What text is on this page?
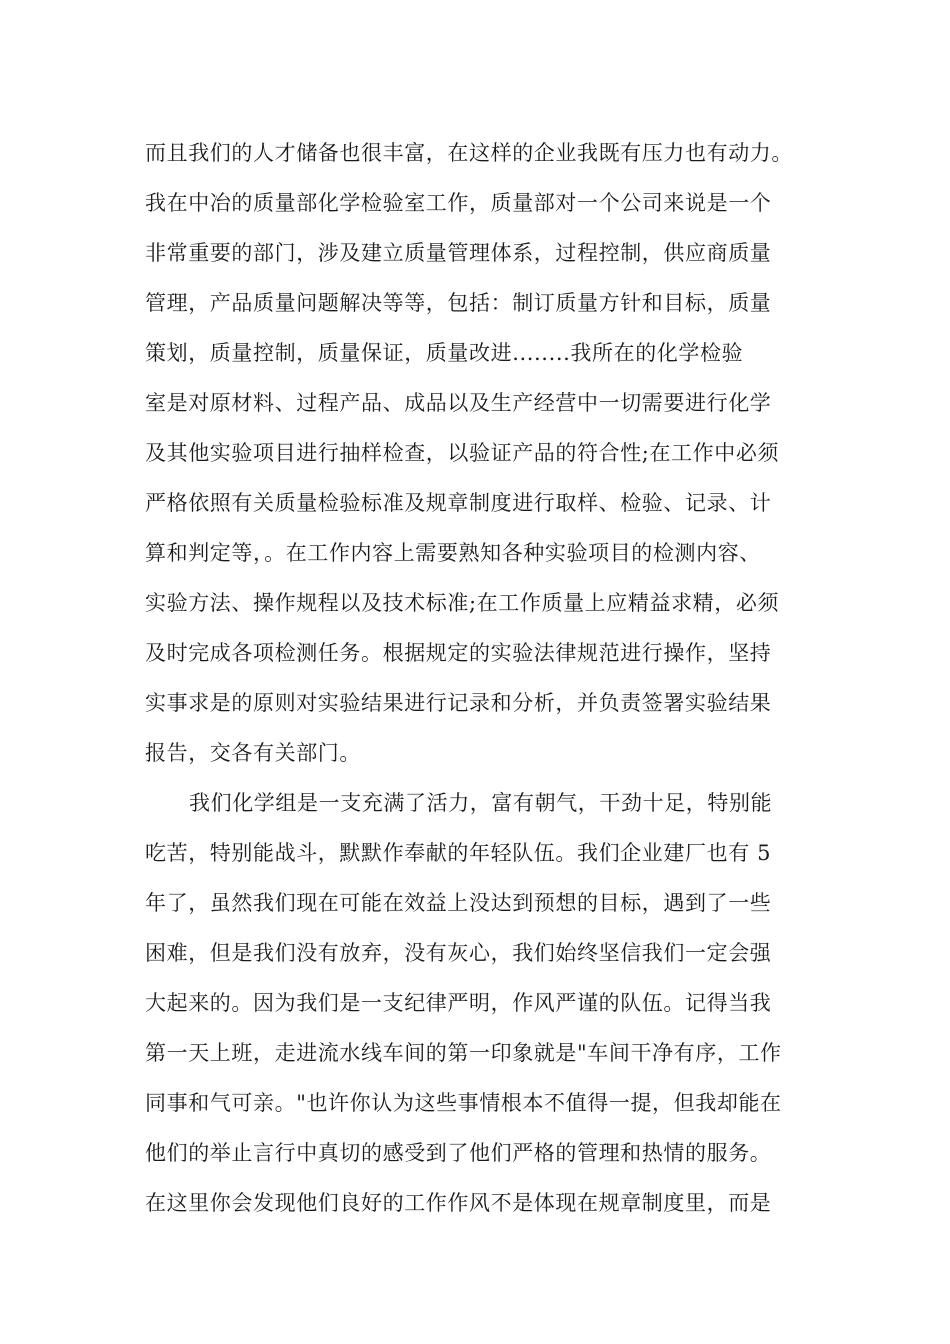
而且我们的人才储备也很丰富，在这样的企业我既有压力也有动力。
我在中冶的质量部化学检验室工作，质量部对一个公司来说是一个
非常重要的部门，涉及建立质量管理体系，过程控制，供应商质量
管理，产品质量问题解决等等，包括：制订质量方针和目标，质量
策划，质量控制，质量保证，质量改进........我所在的化学检验
室是对原材料、过程产品、成品以及生产经营中一切需要进行化学
及其他实验项目进行抽样检查，以验证产品的符合性;在工作中必须
严格依照有关质量检验标准及规章制度进行取样、检验、记录、计
算和判定等，。在工作内容上需要熟知各种实验项目的检测内容、
实验方法、操作规程以及技术标准;在工作质量上应精益求精，必须
及时完成各项检测任务。根据规定的实验法律规范进行操作，坚持
实事求是的原则对实验结果进行记录和分析，并负责签署实验结果
报告，交各有关部门。
我们化学组是一支充满了活力，富有朝气，干劲十足，特别能
吃苦，特别能战斗，默默作奉献的年轻队伍。我们企业建厂也有 5
年了，虽然我们现在可能在效益上没达到预想的目标，遇到了一些
困难，但是我们没有放弃，没有灰心，我们始终坚信我们一定会强
大起来的。因为我们是一支纪律严明，作风严谨的队伍。记得当我
第一天上班，走进流水线车间的第一印象就是"车间干净有序，工作
同事和气可亲。"也许你认为这些事情根本不值得一提，但我却能在
他们的举止言行中真切的感受到了他们严格的管理和热情的服务。
在这里你会发现他们良好的工作作风不是体现在规章制度里，而是
